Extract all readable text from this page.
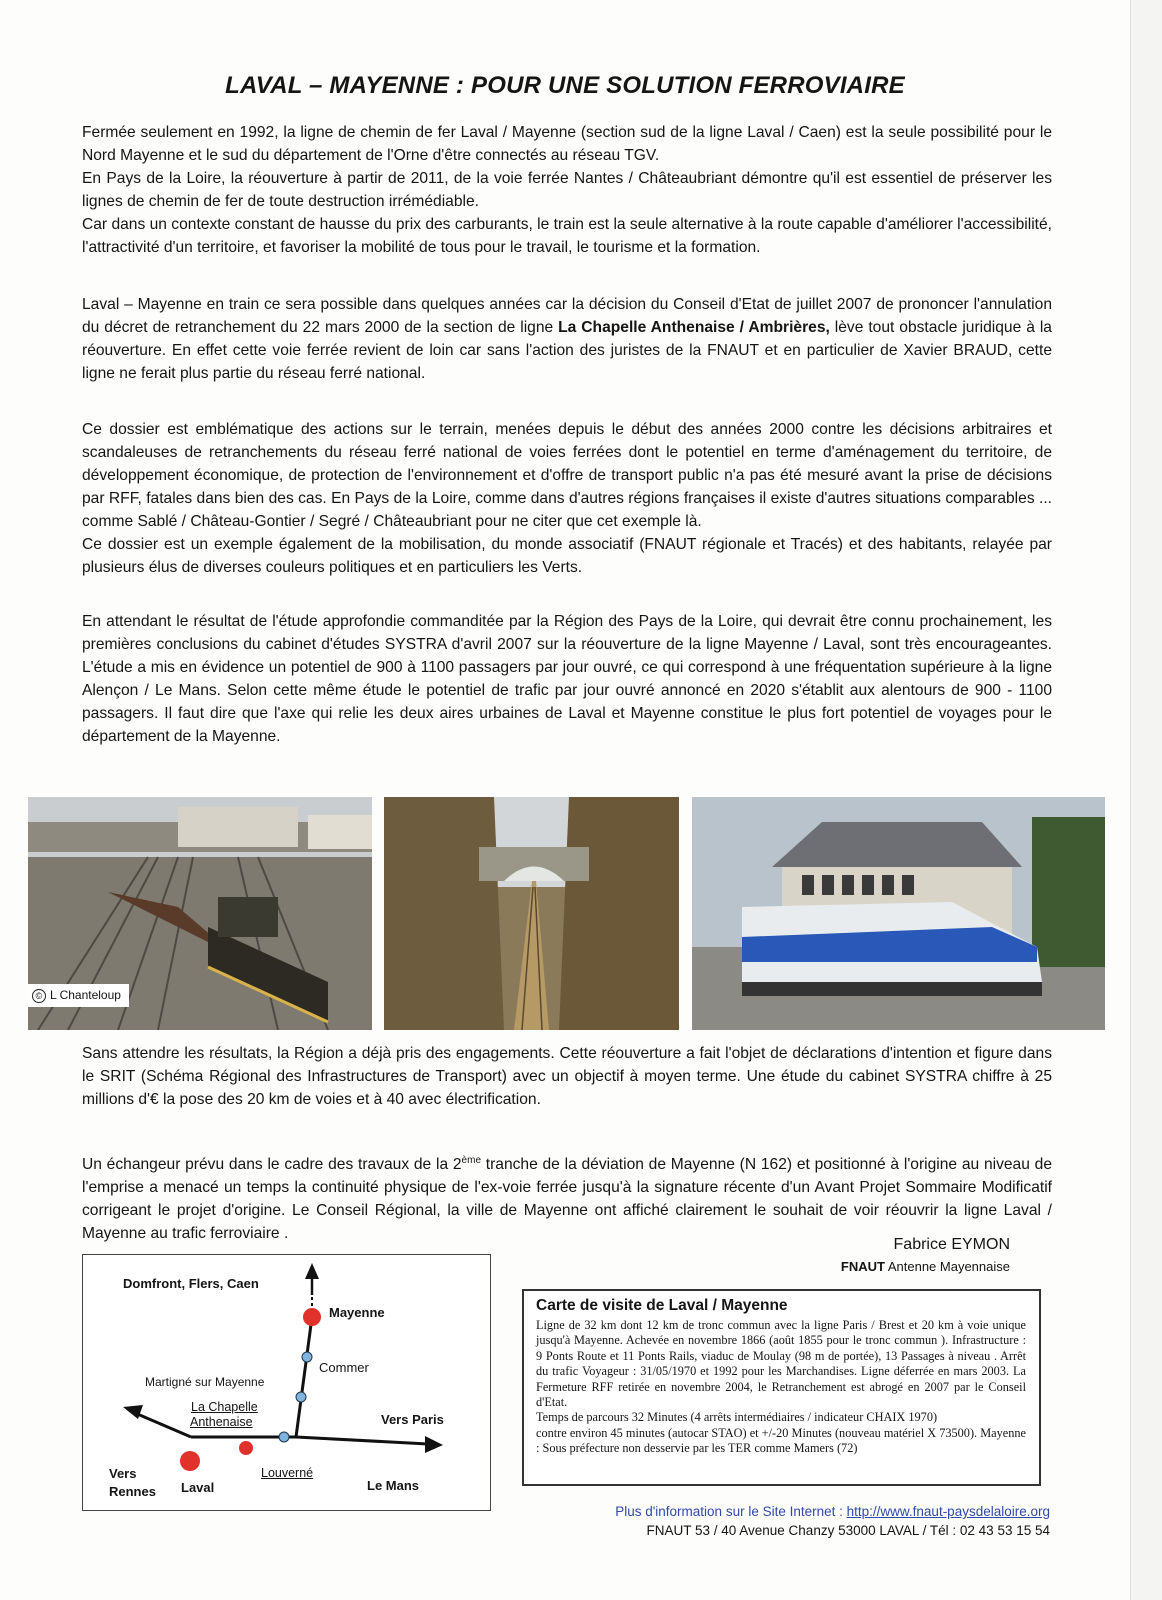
LAVAL – MAYENNE : POUR UNE SOLUTION FERROVIAIRE

Fermée seulement en 1992, la ligne de chemin de fer Laval / Mayenne (section sud de la ligne Laval / Caen) est la seule possibilité pour le Nord Mayenne et le sud du département de l'Orne d'être connectés au réseau TGV.
En Pays de la Loire, la réouverture à partir de 2011, de la voie ferrée Nantes / Châteaubriant démontre qu'il est essentiel de préserver les lignes de chemin de fer de toute destruction irrémédiable.
Car dans un contexte constant de hausse du prix des carburants, le train est la seule alternative à la route capable d'améliorer l'accessibilité, l'attractivité d'un territoire, et favoriser la mobilité de tous pour le travail, le tourisme et la formation.

Laval – Mayenne en train ce sera possible dans quelques années car la décision du Conseil d'Etat de juillet 2007 de prononcer l'annulation du décret de retranchement du 22 mars 2000 de la section de ligne La Chapelle Anthenaise / Ambrières, lève tout obstacle juridique à la réouverture. En effet cette voie ferrée revient de loin car sans l'action des juristes de la FNAUT et en particulier de Xavier BRAUD, cette ligne ne ferait plus partie du réseau ferré national.

Ce dossier est emblématique des actions sur le terrain, menées depuis le début des années 2000 contre les décisions arbitraires et scandaleuses de retranchements du réseau ferré national de voies ferrées dont le potentiel en terme d'aménagement du territoire, de développement économique, de protection de l'environnement et d'offre de transport public n'a pas été mesuré avant la prise de décisions par RFF, fatales dans bien des cas. En Pays de la Loire, comme dans d'autres régions françaises il existe d'autres situations comparables ... comme Sablé / Château-Gontier / Segré / Châteaubriant pour ne citer que cet exemple là.
Ce dossier est un exemple également de la mobilisation, du monde associatif (FNAUT régionale et Tracés) et des habitants, relayée par plusieurs élus de diverses couleurs politiques et en particuliers les Verts.

En attendant le résultat de l'étude approfondie commanditée par la Région des Pays de la Loire, qui devrait être connu prochainement, les premières conclusions du cabinet d'études SYSTRA d'avril 2007 sur la réouverture de la ligne Mayenne / Laval, sont très encourageantes. L'étude a mis en évidence un potentiel de 900 à 1100 passagers par jour ouvré, ce qui correspond à une fréquentation supérieure à la ligne Alençon / Le Mans. Selon cette même étude le potentiel de trafic par jour ouvré annoncé en 2020 s'établit aux alentours de 900 - 1100 passagers. Il faut dire que l'axe qui relie les deux aires urbaines de Laval et Mayenne constitue le plus fort potentiel de voyages pour le département de la Mayenne.

© L Chanteloup

Sans attendre les résultats, la Région a déjà pris des engagements. Cette réouverture a fait l'objet de déclarations d'intention et figure dans le SRIT (Schéma Régional des Infrastructures de Transport) avec un objectif à moyen terme. Une étude du cabinet SYSTRA chiffre à 25 millions d'€ la pose des 20 km de voies et à 40 avec électrification.

Un échangeur prévu dans le cadre des travaux de la 2ème tranche de la déviation de Mayenne (N 162) et positionné à l'origine au niveau de l'emprise a menacé un temps la continuité physique de l'ex-voie ferrée jusqu'à la signature récente d'un Avant Projet Sommaire Modificatif corrigeant le projet d'origine. Le Conseil Régional, la ville de Mayenne ont affiché clairement le souhait de voir réouvrir la ligne Laval / Mayenne au trafic ferroviaire .

Fabrice EYMON
FNAUT Antenne Mayennaise
Domfront, Flers, Caen
Mayenne
Commer
Martigné sur Mayenne
La Chapelle
Anthenaise	Vers Paris
Louverné
Vers
Rennes Laval	Le Mans
Carte de visite de Laval / Mayenne
Ligne de 32 km dont 12 km de tronc commun avec la ligne Paris / Brest et 20 km à voie unique jusqu'à Mayenne. Achevée en novembre 1866 (août 1855 pour le tronc commun ). Infrastructure : 9 Ponts Route et 11 Ponts Rails, viaduc de Moulay (98 m de portée), 13 Passages à niveau . Arrêt du trafic Voyageur : 31/05/1970 et 1992 pour les Marchandises. Ligne déferrée en mars 2003. La Fermeture RFF retirée en novembre 2004, le Retranchement est abrogé en 2007 par le Conseil d'Etat.
Temps de parcours 32 Minutes (4 arrêts intermédiaires / indicateur CHAIX 1970)
contre environ 45 minutes (autocar STAO) et +/-20 Minutes (nouveau matériel X 73500). Mayenne : Sous préfecture non desservie par les TER comme Mamers (72)
Plus d'information sur le Site Internet : http://www.fnaut-paysdelaloire.org
FNAUT 53 / 40 Avenue Chanzy 53000 LAVAL / Tél : 02 43 53 15 54
